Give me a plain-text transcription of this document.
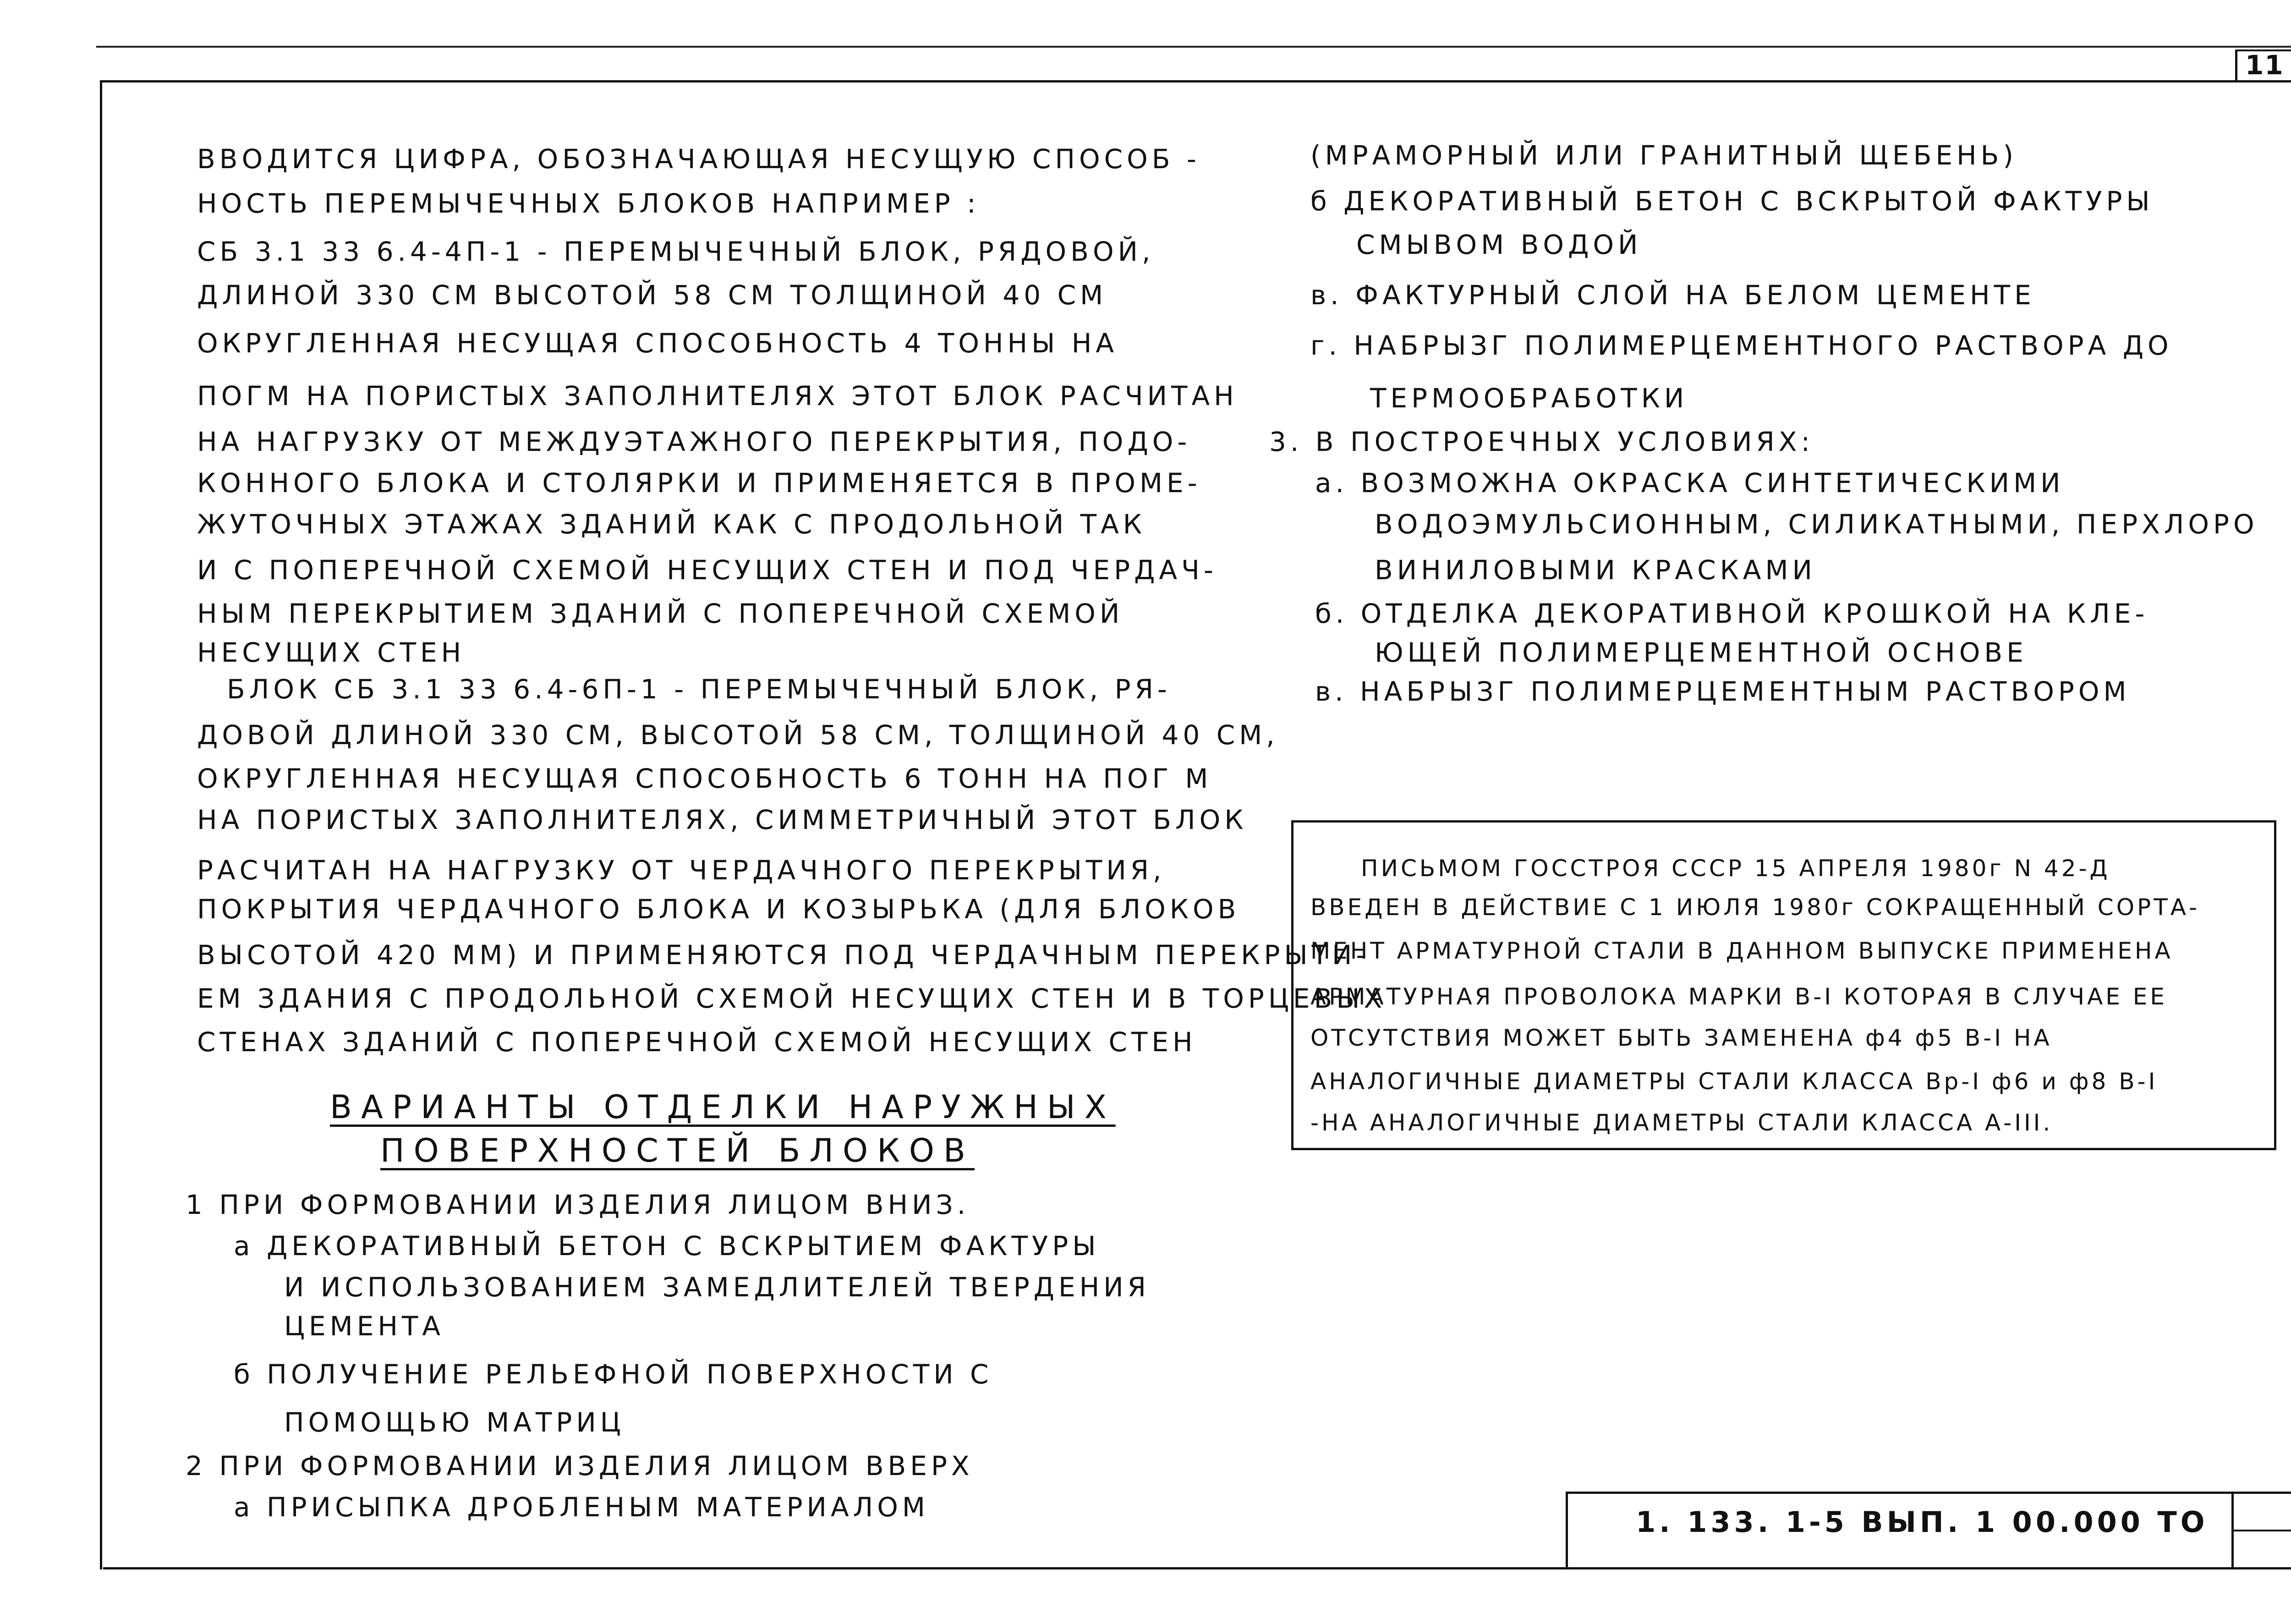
11
ВВОДИТСЯ ЦИФРА, ОБОЗНАЧАЮЩАЯ НЕСУЩУЮ СПОСОБ -
НОСТЬ ПЕРЕМЫЧЕЧНЫХ БЛОКОВ НАПРИМЕР :
СБ 3.1 33 6.4-4П-1 - ПЕРЕМЫЧЕЧНЫЙ БЛОК, РЯДОВОЙ,
ДЛИНОЙ 330 СМ ВЫСОТОЙ 58 СМ ТОЛЩИНОЙ 40 СМ
ОКРУГЛЕННАЯ НЕСУЩАЯ СПОСОБНОСТЬ 4 ТОННЫ НА
ПОГМ НА ПОРИСТЫХ ЗАПОЛНИТЕЛЯХ ЭТОТ БЛОК РАСЧИТАН
НА НАГРУЗКУ ОТ МЕЖДУЭТАЖНОГО ПЕРЕКРЫТИЯ, ПОДО-
КОННОГО БЛОКА И СТОЛЯРКИ И ПРИМЕНЯЕТСЯ В ПРОМЕ-
ЖУТОЧНЫХ ЭТАЖАХ ЗДАНИЙ КАК С ПРОДОЛЬНОЙ ТАК
И С ПОПЕРЕЧНОЙ СХЕМОЙ НЕСУЩИХ СТЕН И ПОД ЧЕРДАЧ-
НЫМ ПЕРЕКРЫТИЕМ ЗДАНИЙ С ПОПЕРЕЧНОЙ СХЕМОЙ
НЕСУЩИХ СТЕН
БЛОК СБ 3.1 33 6.4-6П-1 - ПЕРЕМЫЧЕЧНЫЙ БЛОК, РЯ-
ДОВОЙ ДЛИНОЙ 330 СМ, ВЫСОТОЙ 58 СМ, ТОЛЩИНОЙ 40 СМ,
ОКРУГЛЕННАЯ НЕСУЩАЯ СПОСОБНОСТЬ 6 ТОНН НА ПОГ М
НА ПОРИСТЫХ ЗАПОЛНИТЕЛЯХ, СИММЕТРИЧНЫЙ ЭТОТ БЛОК
РАСЧИТАН НА НАГРУЗКУ ОТ ЧЕРДАЧНОГО ПЕРЕКРЫТИЯ,
ПОКРЫТИЯ ЧЕРДАЧНОГО БЛОКА И КОЗЫРЬКА (ДЛЯ БЛОКОВ
ВЫСОТОЙ 420 ММ) И ПРИМЕНЯЮТСЯ ПОД ЧЕРДАЧНЫМ ПЕРЕКРЫТИ-
ЕМ ЗДАНИЯ С ПРОДОЛЬНОЙ СХЕМОЙ НЕСУЩИХ СТЕН И В ТОРЦЕВЫХ
СТЕНАХ ЗДАНИЙ С ПОПЕРЕЧНОЙ СХЕМОЙ НЕСУЩИХ СТЕН
ВАРИАНТЫ ОТДЕЛКИ НАРУЖНЫХ
ПОВЕРХНОСТЕЙ БЛОКОВ
1 ПРИ ФОРМОВАНИИ ИЗДЕЛИЯ ЛИЦОМ ВНИЗ.
а ДЕКОРАТИВНЫЙ БЕТОН С ВСКРЫТИЕМ ФАКТУРЫ
И ИСПОЛЬЗОВАНИЕМ ЗАМЕДЛИТЕЛЕЙ ТВЕРДЕНИЯ
ЦЕМЕНТА
б ПОЛУЧЕНИЕ РЕЛЬЕФНОЙ ПОВЕРХНОСТИ С
ПОМОЩЬЮ МАТРИЦ
2 ПРИ ФОРМОВАНИИ ИЗДЕЛИЯ ЛИЦОМ ВВЕРХ
а ПРИСЫПКА ДРОБЛЕНЫМ МАТЕРИАЛОМ
(МРАМОРНЫЙ ИЛИ ГРАНИТНЫЙ ЩЕБЕНЬ)
б ДЕКОРАТИВНЫЙ БЕТОН С ВСКРЫТОЙ ФАКТУРЫ
СМЫВОМ ВОДОЙ
в. ФАКТУРНЫЙ СЛОЙ НА БЕЛОМ ЦЕМЕНТЕ
г. НАБРЫЗГ ПОЛИМЕРЦЕМЕНТНОГО РАСТВОРА ДО
ТЕРМООБРАБОТКИ
3. В ПОСТРОЕЧНЫХ УСЛОВИЯХ:
а. ВОЗМОЖНА ОКРАСКА СИНТЕТИЧЕСКИМИ
ВОДОЭМУЛЬСИОННЫМ, СИЛИКАТНЫМИ, ПЕРХЛОРО
ВИНИЛОВЫМИ КРАСКАМИ
б. ОТДЕЛКА ДЕКОРАТИВНОЙ КРОШКОЙ НА КЛЕ-
ЮЩЕЙ ПОЛИМЕРЦЕМЕНТНОЙ ОСНОВЕ
в. НАБРЫЗГ ПОЛИМЕРЦЕМЕНТНЫМ РАСТВОРОМ
ПИСЬМОМ ГОССТРОЯ СССР 15 АПРЕЛЯ 1980г N 42-Д
ВВЕДЕН В ДЕЙСТВИЕ С 1 ИЮЛЯ 1980г СОКРАЩЕННЫЙ СОРТА-
МЕНТ АРМАТУРНОЙ СТАЛИ В ДАННОМ ВЫПУСКЕ ПРИМЕНЕНА
АРМАТУРНАЯ ПРОВОЛОКА МАРКИ В-I КОТОРАЯ В СЛУЧАЕ ЕЕ
ОТСУТСТВИЯ МОЖЕТ БЫТЬ ЗАМЕНЕНА ф4 ф5 В-I НА
АНАЛОГИЧНЫЕ ДИАМЕТРЫ СТАЛИ КЛАССА Вр-I ф6 и ф8 В-I
-НА АНАЛОГИЧНЫЕ ДИАМЕТРЫ СТАЛИ КЛАССА А-III.
1. 133. 1-5 ВЫП. 1 00.000 ТО
